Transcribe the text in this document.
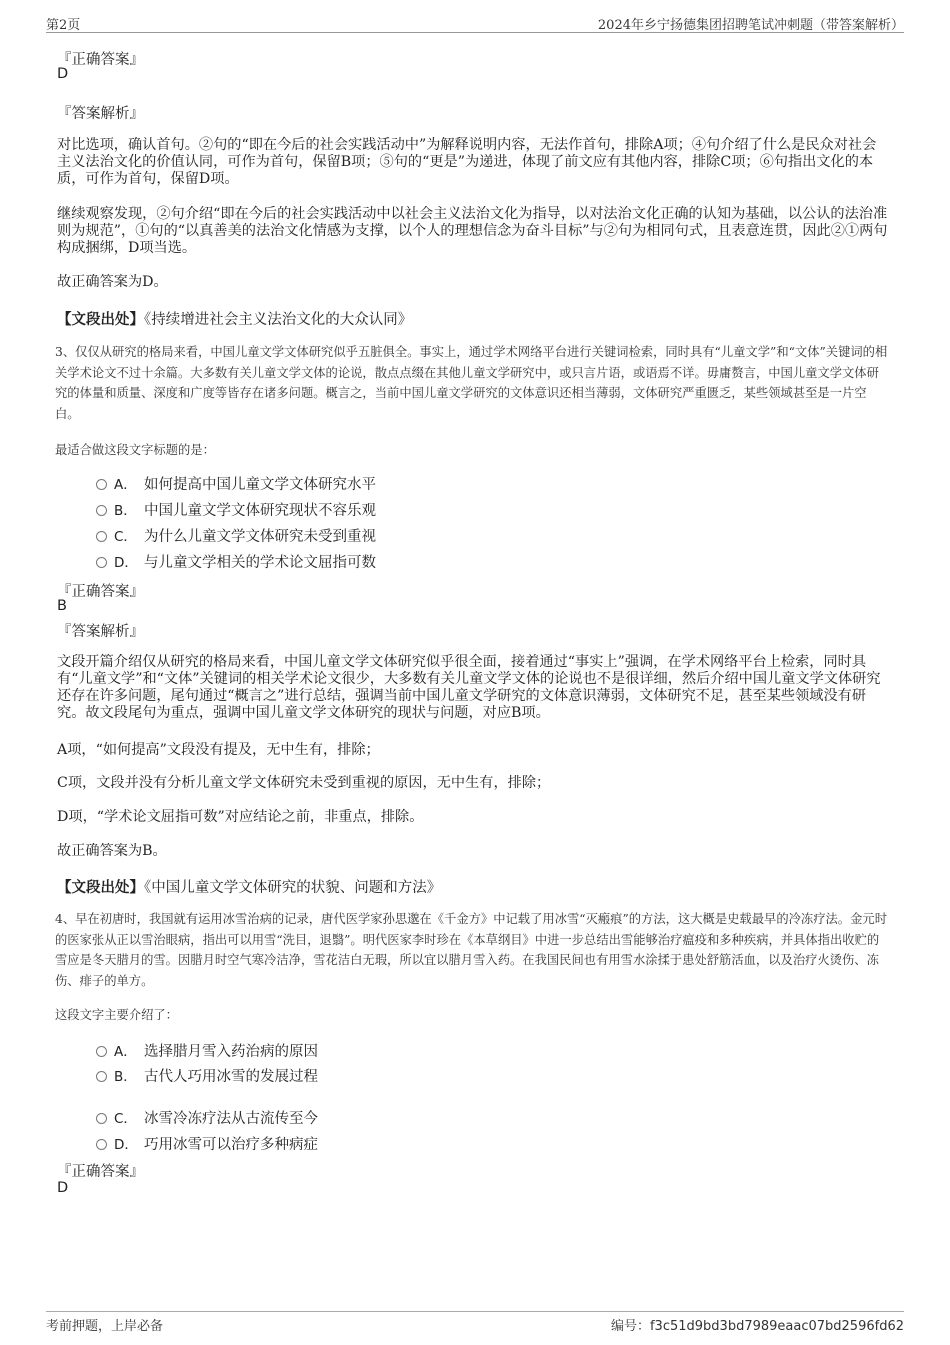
第2页	2024年乡宁扬德集团招聘笔试冲刺题（带答案解析）
『正确答案』
D
『答案解析』
对比选项，确认首句。②句的“即在今后的社会实践活动中”为解释说明内容，无法作首句，排除A项；④句介绍了什么是民众对社会主义法治文化的价值认同，可作为首句，保留B项；⑤句的“更是”为递进，体现了前文应有其他内容，排除C项；⑥句指出文化的本质，可作为首句，保留D项。
继续观察发现，②句介绍“即在今后的社会实践活动中以社会主义法治文化为指导，以对法治文化正确的认知为基础，以公认的法治准则为规范”，①句的“以真善美的法治文化情感为支撑，以个人的理想信念为奋斗目标”与②句为相同句式，且表意连贯，因此②①两句构成捆绑，D项当选。
故正确答案为D。
【文段出处】《持续增进社会主义法治文化的大众认同》
3、仅仅从研究的格局来看，中国儿童文学文体研究似乎五脏俱全。事实上，通过学术网络平台进行关键词检索，同时具有“儿童文学”和“文体”关键词的相关学术论文不过十余篇。大多数有关儿童文学文体的论说，散点点缀在其他儿童文学研究中，或只言片语，或语焉不详。毋庸赘言，中国儿童文学文体研究的体量和质量、深度和广度等皆存在诸多问题。概言之，当前中国儿童文学研究的文体意识还相当薄弱，文体研究严重匮乏，某些领域甚至是一片空白。
最适合做这段文字标题的是：
A． 如何提高中国儿童文学文体研究水平
B． 中国儿童文学文体研究现状不容乐观
C． 为什么儿童文学文体研究未受到重视
D． 与儿童文学相关的学术论文屈指可数
『正确答案』
B
『答案解析』
文段开篇介绍仅从研究的格局来看，中国儿童文学文体研究似乎很全面，接着通过“事实上”强调，在学术网络平台上检索，同时具有“儿童文学”和“文体”关键词的相关学术论文很少，大多数有关儿童文学文体的论说也不是很详细，然后介绍中国儿童文学文体研究还存在许多问题，尾句通过“概言之”进行总结，强调当前中国儿童文学研究的文体意识薄弱，文体研究不足，甚至某些领域没有研究。故文段尾句为重点，强调中国儿童文学文体研究的现状与问题，对应B项。
A项，“如何提高”文段没有提及，无中生有，排除；
C项，文段并没有分析儿童文学文体研究未受到重视的原因，无中生有，排除；
D项，“学术论文屈指可数”对应结论之前，非重点，排除。
故正确答案为B。
【文段出处】《中国儿童文学文体研究的状貌、问题和方法》
4、早在初唐时，我国就有运用冰雪治病的记录，唐代医学家孙思邈在《千金方》中记载了用冰雪“灭瘢痕”的方法，这大概是史载最早的冷冻疗法。金元时的医家张从正以雪治眼病，指出可以用雪“洗目，退翳”。明代医家李时珍在《本草纲目》中进一步总结出雪能够治疗瘟疫和多种疾病，并具体指出收贮的雪应是冬天腊月的雪。因腊月时空气寒冷洁净，雪花洁白无瑕，所以宜以腊月雪入药。在我国民间也有用雪水涂揉于患处舒筋活血，以及治疗火烫伤、冻伤、痱子的单方。
这段文字主要介绍了：
A． 选择腊月雪入药治病的原因
B． 古代人巧用冰雪的发展过程
C． 冰雪冷冻疗法从古流传至今
D． 巧用冰雪可以治疗多种病症
『正确答案』
D
考前押题，上岸必备	编号：f3c51d9bd3bd7989eaac07bd2596fd62
